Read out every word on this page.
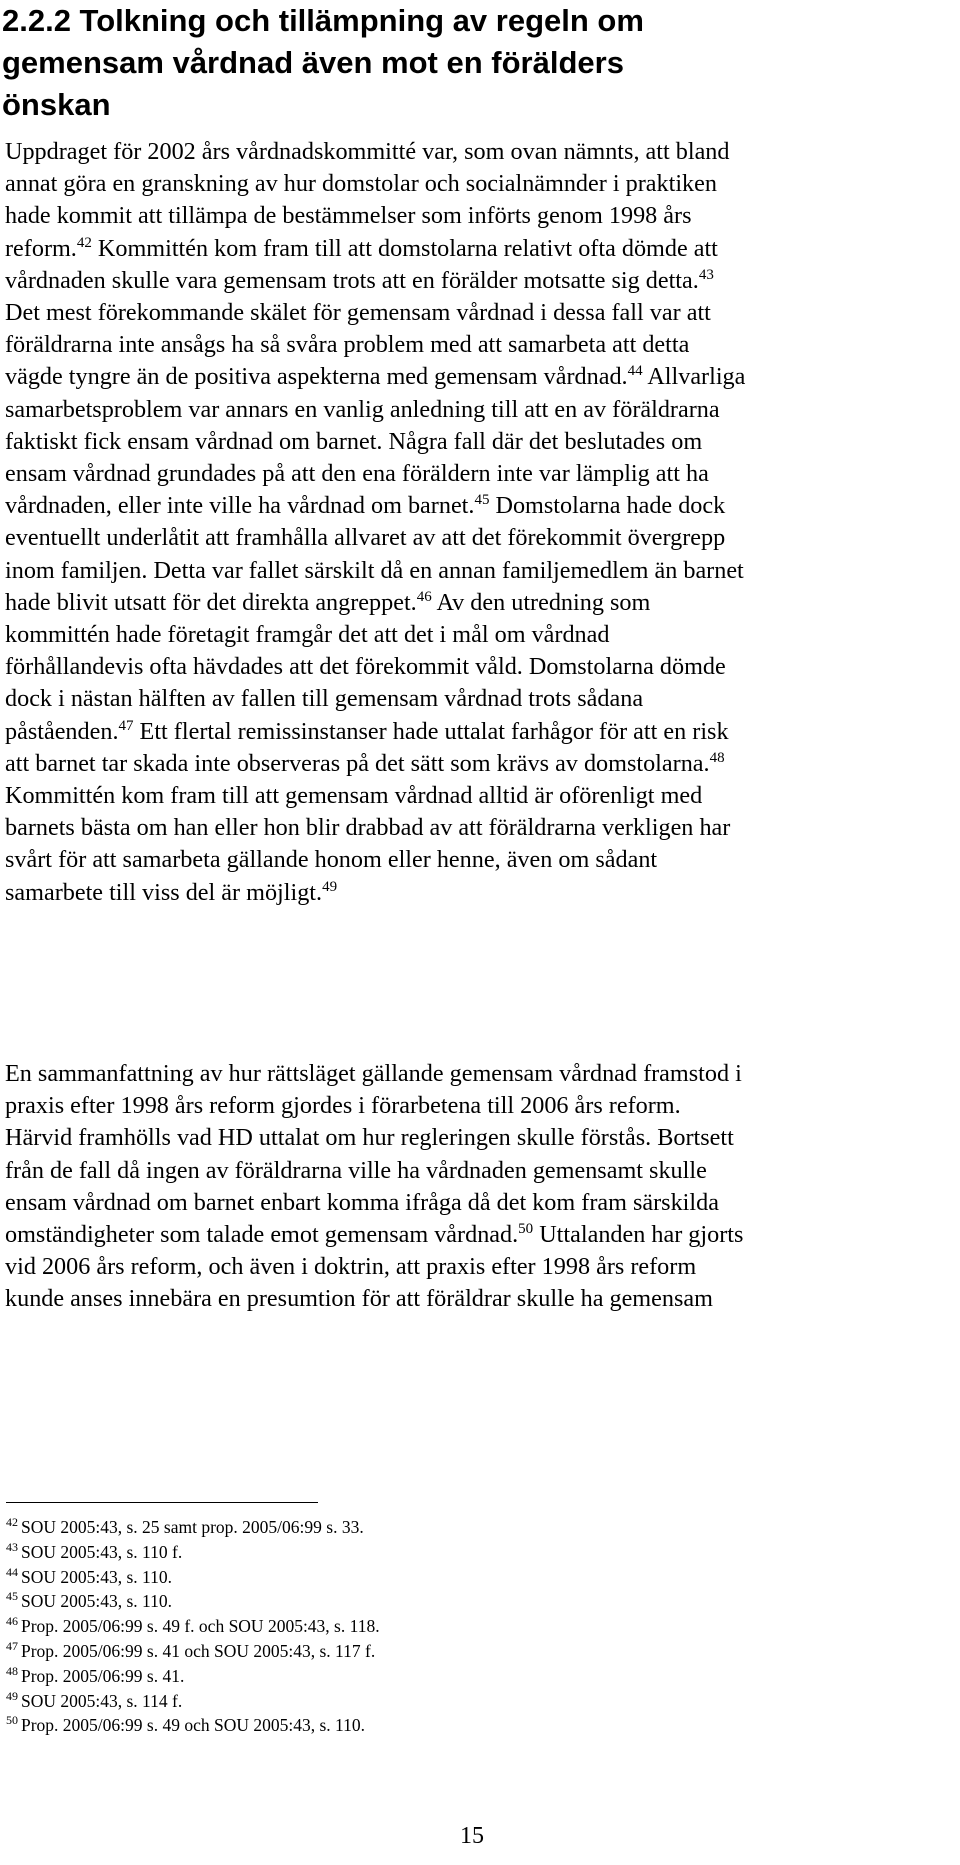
2.2.2 Tolkning och tillämpning av regeln om
gemensam vårdnad även mot en förälders
önskan
Uppdraget för 2002 års vårdnadskommitté var, som ovan nämnts, att bland
annat göra en granskning av hur domstolar och socialnämnder i praktiken
hade kommit att tillämpa de bestämmelser som införts genom 1998 års
reform.$^{42}$ Kommittén kom fram till att domstolarna relativt ofta dömde att
vårdnaden skulle vara gemensam trots att en förälder motsatte sig detta.$^{43}$
Det mest förekommande skälet för gemensam vårdnad i dessa fall var att
föräldrarna inte ansågs ha så svåra problem med att samarbeta att detta
vägde tyngre än de positiva aspekterna med gemensam vårdnad.$^{44}$ Allvarliga
samarbetsproblem var annars en vanlig anledning till att en av föräldrarna
faktiskt fick ensam vårdnad om barnet. Några fall där det beslutades om
ensam vårdnad grundades på att den ena föräldern inte var lämplig att ha
vårdnaden, eller inte ville ha vårdnad om barnet.$^{45}$ Domstolarna hade dock
eventuellt underlåtit att framhålla allvaret av att det förekommit övergrepp
inom familjen. Detta var fallet särskilt då en annan familjemedlem än barnet
hade blivit utsatt för det direkta angreppet.$^{46}$ Av den utredning som
kommittén hade företagit framgår det att det i mål om vårdnad
förhållandevis ofta hävdades att det förekommit våld. Domstolarna dömde
dock i nästan hälften av fallen till gemensam vårdnad trots sådana
påståenden.$^{47}$ Ett flertal remissinstanser hade uttalat farhågor för att en risk
att barnet tar skada inte observeras på det sätt som krävs av domstolarna.$^{48}$
Kommittén kom fram till att gemensam vårdnad alltid är oförenligt med
barnets bästa om han eller hon blir drabbad av att föräldrarna verkligen har
svårt för att samarbeta gällande honom eller henne, även om sådant
samarbete till viss del är möjligt.$^{49}$
En sammanfattning av hur rättsläget gällande gemensam vårdnad framstod i
praxis efter 1998 års reform gjordes i förarbetena till 2006 års reform.
Härvid framhölls vad HD uttalat om hur regleringen skulle förstås. Bortsett
från de fall då ingen av föräldrarna ville ha vårdnaden gemensamt skulle
ensam vårdnad om barnet enbart komma ifråga då det kom fram särskilda
omständigheter som talade emot gemensam vårdnad.$^{50}$ Uttalanden har gjorts
vid 2006 års reform, och även i doktrin, att praxis efter 1998 års reform
kunde anses innebära en presumtion för att föräldrar skulle ha gemensam
$^{42}$ SOU 2005:43, s. 25 samt prop. 2005/06:99 s. 33.
$^{43}$ SOU 2005:43, s. 110 f.
$^{44}$ SOU 2005:43, s. 110.
$^{45}$ SOU 2005:43, s. 110.
$^{46}$ Prop. 2005/06:99 s. 49 f. och SOU 2005:43, s. 118.
$^{47}$ Prop. 2005/06:99 s. 41 och SOU 2005:43, s. 117 f.
$^{48}$ Prop. 2005/06:99 s. 41.
$^{49}$ SOU 2005:43, s. 114 f.
$^{50}$ Prop. 2005/06:99 s. 49 och SOU 2005:43, s. 110.
15
